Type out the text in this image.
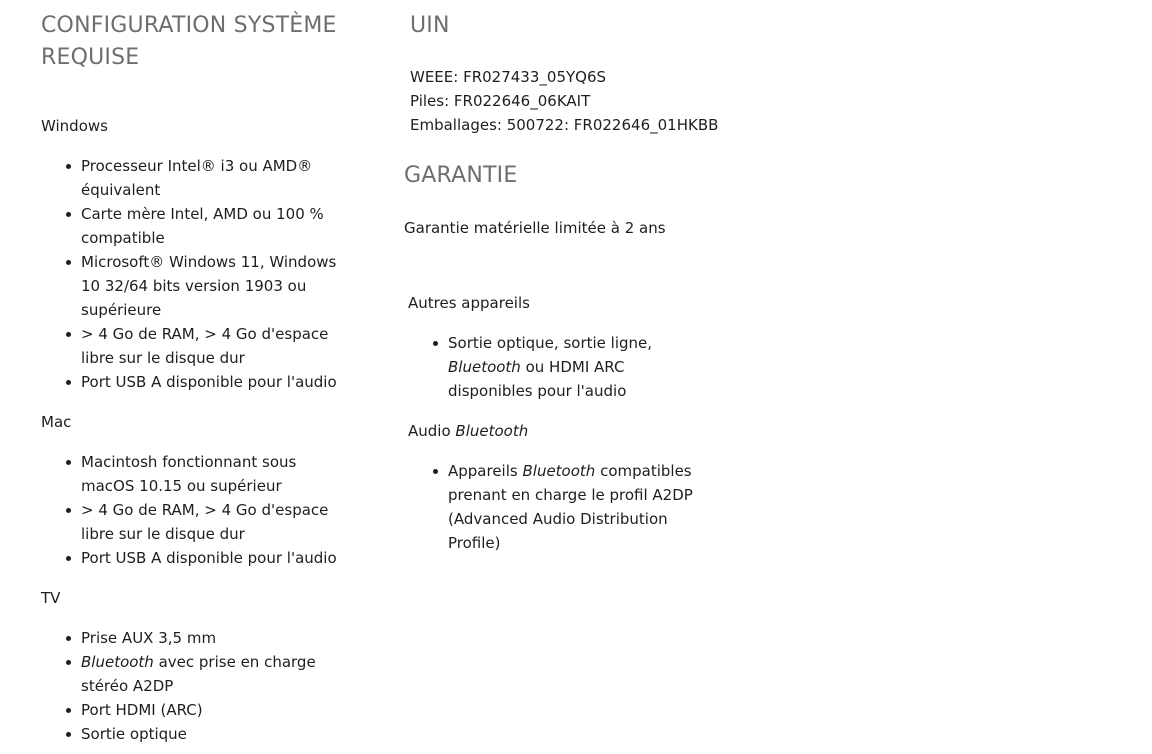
CONFIGURATION SYSTÈME
REQUISE

Windows

Processeur Intel® i3 ou AMD®
équivalent
Carte mère Intel, AMD ou 100 %
compatible
Microsoft® Windows 11, Windows
10 32/64 bits version 1903 ou
supérieure
> 4 Go de RAM, > 4 Go d'espace
libre sur le disque dur
Port USB A disponible pour l'audio

Mac

Macintosh fonctionnant sous
macOS 10.15 ou supérieur
> 4 Go de RAM, > 4 Go d'espace
libre sur le disque dur
Port USB A disponible pour l'audio

TV

Prise AUX 3,5 mm
Bluetooth avec prise en charge
stéréo A2DP
Port HDMI (ARC)
Sortie optique
UIN

WEEE: FR027433_05YQ6S

Piles: FR022646_06KAIT

Emballages: 500722: FR022646_01HKBB

GARANTIE

Garantie matérielle limitée à 2 ans

Autres appareils

Sortie optique, sortie ligne,
Bluetooth ou HDMI ARC
disponibles pour l'audio

Audio Bluetooth

Appareils Bluetooth compatibles
prenant en charge le profil A2DP
(Advanced Audio Distribution
Profile)
